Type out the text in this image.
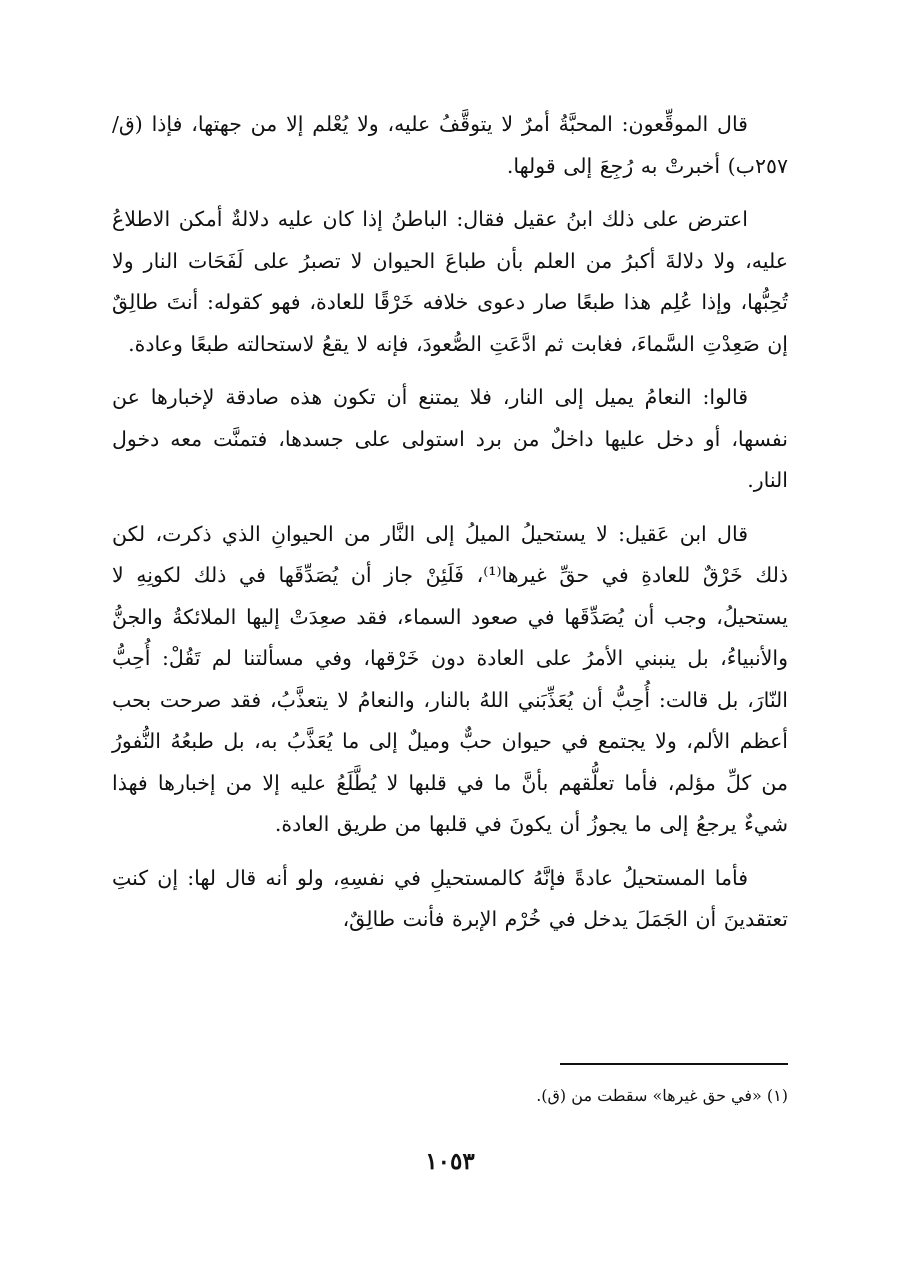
قال الموقِّعون: المحبَّةُ أمرٌ لا يتوقَّفُ عليه، ولا يُعْلم إلا من جهتها، فإذا (ق/٢٥٧ب) أخبرتْ به رُجِعَ إلى قولها.

اعترض على ذلك ابنُ عقيل فقال: الباطنُ إذا كان عليه دلالةٌ أمكن الاطلاعُ عليه، ولا دلالةَ أكبرُ من العلم بأن طباعَ الحيوان لا تصبرُ على لَفَحَات النار ولا تُحِبُّها، وإذا عُلِم هذا طبعًا صار دعوى خلافه خَرْقًا للعادة، فهو كقوله: أنتَ طالِقٌ إن صَعِدْتِ السَّماءَ، فغابت ثم ادَّعَتِ الصُّعودَ، فإنه لا يقعُ لاستحالته طبعًا وعادة.

قالوا: النعامُ يميل إلى النار، فلا يمتنع أن تكون هذه صادقة لإخبارها عن نفسها، أو دخل عليها داخلٌ من برد استولى على جسدها، فتمنَّت معه دخول النار.

قال ابن عَقيل: لا يستحيلُ الميلُ إلى النَّار من الحيوانِ الذي ذكرت، لكن ذلك خَرْقٌ للعادةِ في حقِّ غيرها⁽¹⁾، فَلَئِنْ جاز أن يُصَدِّقَها في ذلك لكونِهِ لا يستحيلُ، وجب أن يُصَدِّقَها في صعود السماء، فقد صعِدَتْ إليها الملائكةُ والجنُّ والأنبياءُ، بل ينبني الأمرُ على العادة دون خَرْقها، وفي مسألتنا لم تَقُلْ: أُحِبُّ النّارَ، بل قالت: أُحِبُّ أن يُعَذِّبَني اللهُ بالنار، والنعامُ لا يتعذَّبُ، فقد صرحت بحب أعظم الألم، ولا يجتمع في حيوان حبٌّ وميلٌ إلى ما يُعَذَّبُ به، بل طبعُهُ النُّفورُ من كلِّ مؤلم، فأما تعلُّقهم بأنَّ ما في قلبها لا يُطَّلَعُ عليه إلا من إخبارها فهذا شيءٌ يرجعُ إلى ما يجوزُ أن يكونَ في قلبها من طريق العادة.

فأما المستحيلُ عادةً فإنَّهُ كالمستحيلِ في نفسِهِ، ولو أنه قال لها: إن كنتِ تعتقدينَ أن الجَمَلَ يدخل في خُرْم الإبرة فأنت طالِقٌ،

(١) «في حق غيرها» سقطت من (ق).
١٠٥٣
